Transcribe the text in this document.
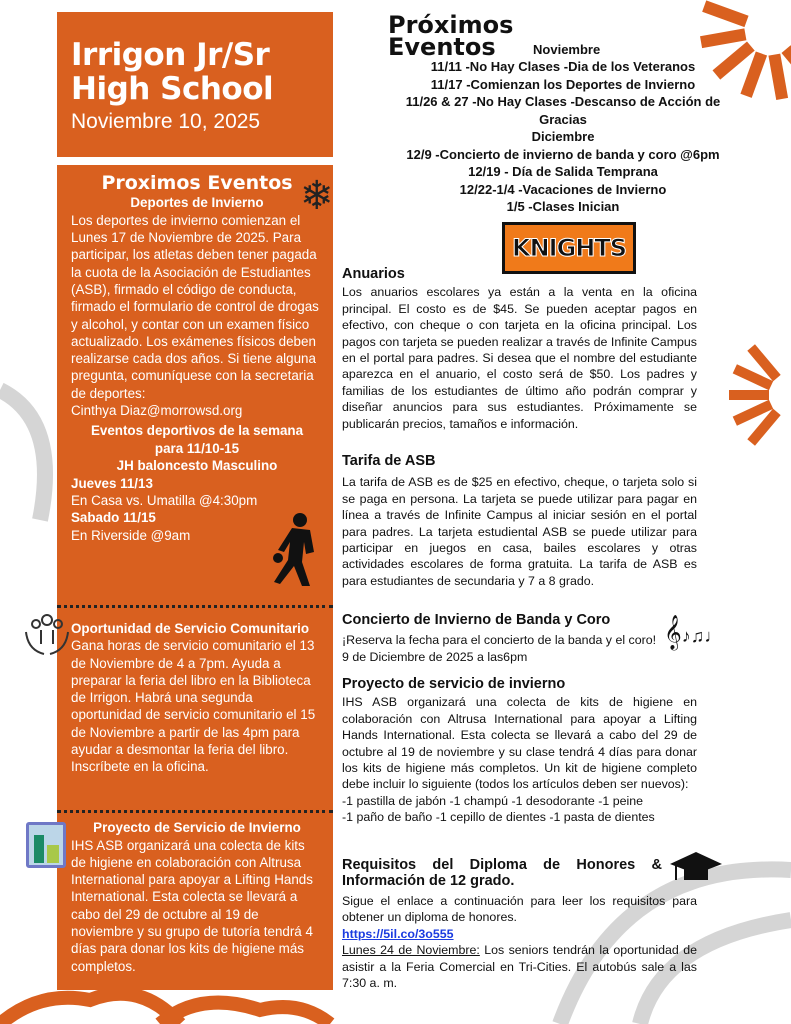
Irrigon Jr/Sr High School
Noviembre 10, 2025
Próximos
Eventos	Noviembre
11/11 -No Hay Clases -Dia de los Veteranos
11/17 -Comienzan los Deportes de Invierno
11/26 & 27 -No Hay Clases -Descanso de Acción de Gracias
Diciembre
12/9 -Concierto de invierno de banda y coro @6pm
12/19 - Día de Salida Temprana
12/22-1/4 -Vacaciones de Invierno
1/5 -Clases Inician
KNIGHTS
Proximos Eventos
Deportes de Invierno
Los deportes de invierno comienzan el Lunes 17 de Noviembre de 2025. Para participar, los atletas deben tener pagada la cuota de la Asociación de Estudiantes (ASB), firmado el código de conducta, firmado el formulario de control de drogas y alcohol, y contar con un examen físico actualizado. Los exámenes físicos deben realizarse cada dos años. Si tiene alguna pregunta, comuníquese con la secretaria de deportes:
Cinthya Diaz@morrowsd.org
Eventos deportivos de la semana para 11/10-15
JH baloncesto Masculino
Jueves 11/13
En Casa vs. Umatilla @4:30pm
Sabado 11/15
En Riverside @9am
Oportunidad de Servicio Comunitario
Gana horas de servicio comunitario el 13 de Noviembre de 4 a 7pm. Ayuda a preparar la feria del libro en la Biblioteca de Irrigon. Habrá una segunda oportunidad de servicio comunitario el 15 de Noviembre a partir de las 4pm para ayudar a desmontar la feria del libro. Inscríbete en la oficina.
Proyecto de Servicio de Invierno
IHS ASB organizará una colecta de kits de higiene en colaboración con Altrusa International para apoyar a Lifting Hands International. Esta colecta se llevará a cabo del 29 de octubre al 19 de noviembre y su grupo de tutoría tendrá 4 días para donar los kits de higiene más completos.
❄
Anuarios

Los anuarios escolares ya están a la venta en la oficina principal. El costo es de $45. Se pueden aceptar pagos en efectivo, con cheque o con tarjeta en la oficina principal. Los pagos con tarjeta se pueden realizar a través de Infinite Campus en el portal para padres. Si desea que el nombre del estudiante aparezca en el anuario, el costo será de $50. Los padres y familias de los estudiantes de último año podrán comprar y diseñar anuncios para sus estudiantes. Próximamente se publicarán precios, tamaños e información.

Tarifa de ASB

La tarifa de ASB es de $25 en efectivo, cheque, o tarjeta solo si se paga en persona. La tarjeta se puede utilizar para pagar en línea a través de Infinite Campus al iniciar sesión en el portal para padres. La tarjeta estudiental ASB se puede utilizar para participar en juegos en casa, bailes escolares y otras actividades escolares de forma gratuita. La tarifa de ASB es para estudiantes de secundaria y 7 a 8 grado.

Concierto de Invierno de Banda y Coro
¡Reserva la fecha para el concierto de la banda y el coro!
9 de Diciembre de 2025 a las6pm
𝄞♪♫♩
Proyecto de servicio de invierno

IHS ASB organizará una colecta de kits de higiene en colaboración con Altrusa International para apoyar a Lifting Hands International. Esta colecta se llevará a cabo del 29 de octubre al 19 de noviembre y su clase tendrá 4 días para donar los kits de higiene más completos. Un kit de higiene completo debe incluir lo siguiente (todos los artículos deben ser nuevos):

-1 pastilla de jabón -1 champú -1 desodorante -1 peine
-1 paño de baño -1 cepillo de dientes -1 pasta de dientes
Requisitos del Diploma de Honores & Información de 12 grado.

Sigue el enlace a continuación para leer los requisitos para obtener un diploma de honores.

https://5il.co/3o555

Lunes 24 de Noviembre: Los seniors tendrán la oportunidad de asistir a la Feria Comercial en Tri-Cities. El autobús sale a las 7:30 a. m.
